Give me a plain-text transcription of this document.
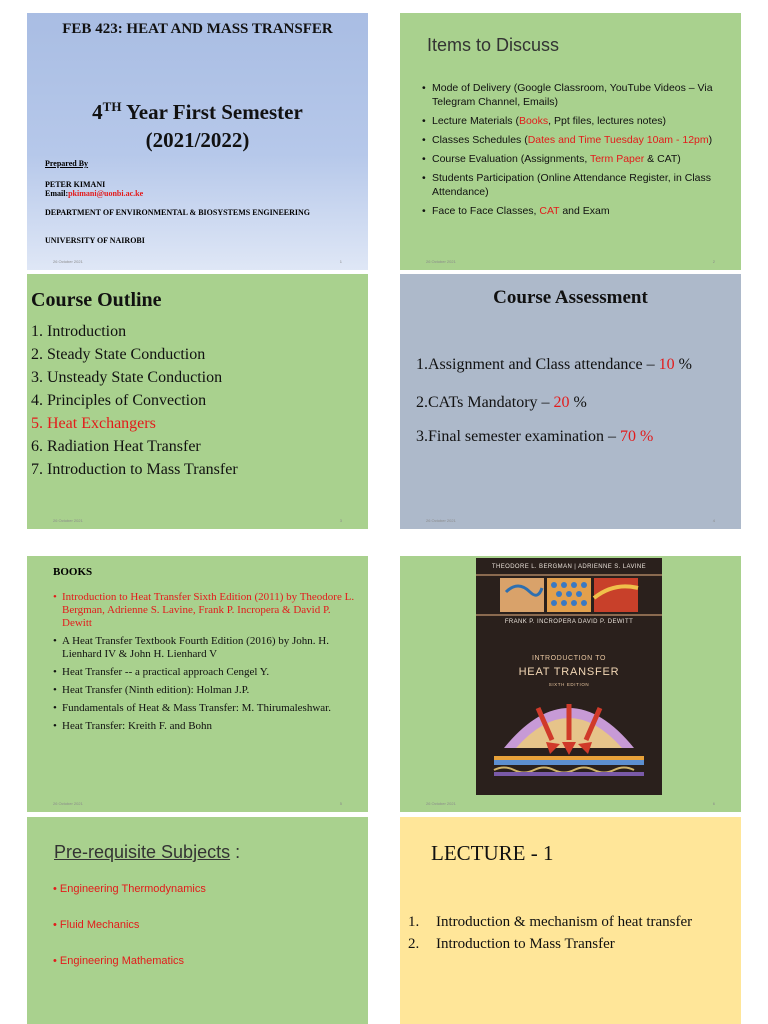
FEB 423: HEAT AND MASS TRANSFER
4TH Year First Semester
(2021/2022)
Prepared By
PETER KIMANI
Email:pkimani@uonbi.ac.ke
DEPARTMENT OF ENVIRONMENTAL & BIOSYSTEMS ENGINEERING
UNIVERSITY OF NAIROBI
26 October 2021	1
Items to Discuss
• Mode of Delivery (Google Classroom, YouTube Videos – Via Telegram Channel, Emails)
• Lecture Materials (Books, Ppt files, lectures notes)
• Classes Schedules (Dates and Time Tuesday 10am - 12pm)
• Course Evaluation (Assignments, Term Paper & CAT)
• Students Participation (Online Attendance Register, in Class Attendance)
• Face to Face Classes, CAT and Exam
26 October 2021	2
Course Outline
1. Introduction
2. Steady State Conduction
3. Unsteady State Conduction
4. Principles of Convection
5. Heat Exchangers
6. Radiation Heat Transfer
7. Introduction to Mass Transfer
26 October 2021	3
Course Assessment
1.Assignment and Class attendance – 10 %
2.CATs Mandatory – 20 %
3.Final semester examination – 70 %
26 October 2021	4
BOOKS
• Introduction to Heat Transfer Sixth Edition (2011) by Theodore L. Bergman, Adrienne S. Lavine, Frank P. Incropera & David P. Dewitt
• A Heat Transfer Textbook Fourth Edition (2016) by John. H. Lienhard IV & John H. Lienhard V
• Heat Transfer -- a practical approach Cengel Y.
• Heat Transfer (Ninth edition): Holman J.P.
• Fundamentals of Heat & Mass Transfer: M. Thirumaleshwar.
• Heat Transfer: Kreith F. and Bohn
26 October 2021	5
THEODORE L. BERGMAN | ADRIENNE S. LAVINE
FRANK P. INCROPERA DAVID P. DEWITT
INTRODUCTION TO
HEAT TRANSFER
SIXTH EDITION
26 October 2021	6
Pre-requisite Subjects :
• Engineering Thermodynamics
• Fluid Mechanics
• Engineering Mathematics
LECTURE - 1
1.	Introduction & mechanism of heat transfer
2.	Introduction to Mass Transfer
